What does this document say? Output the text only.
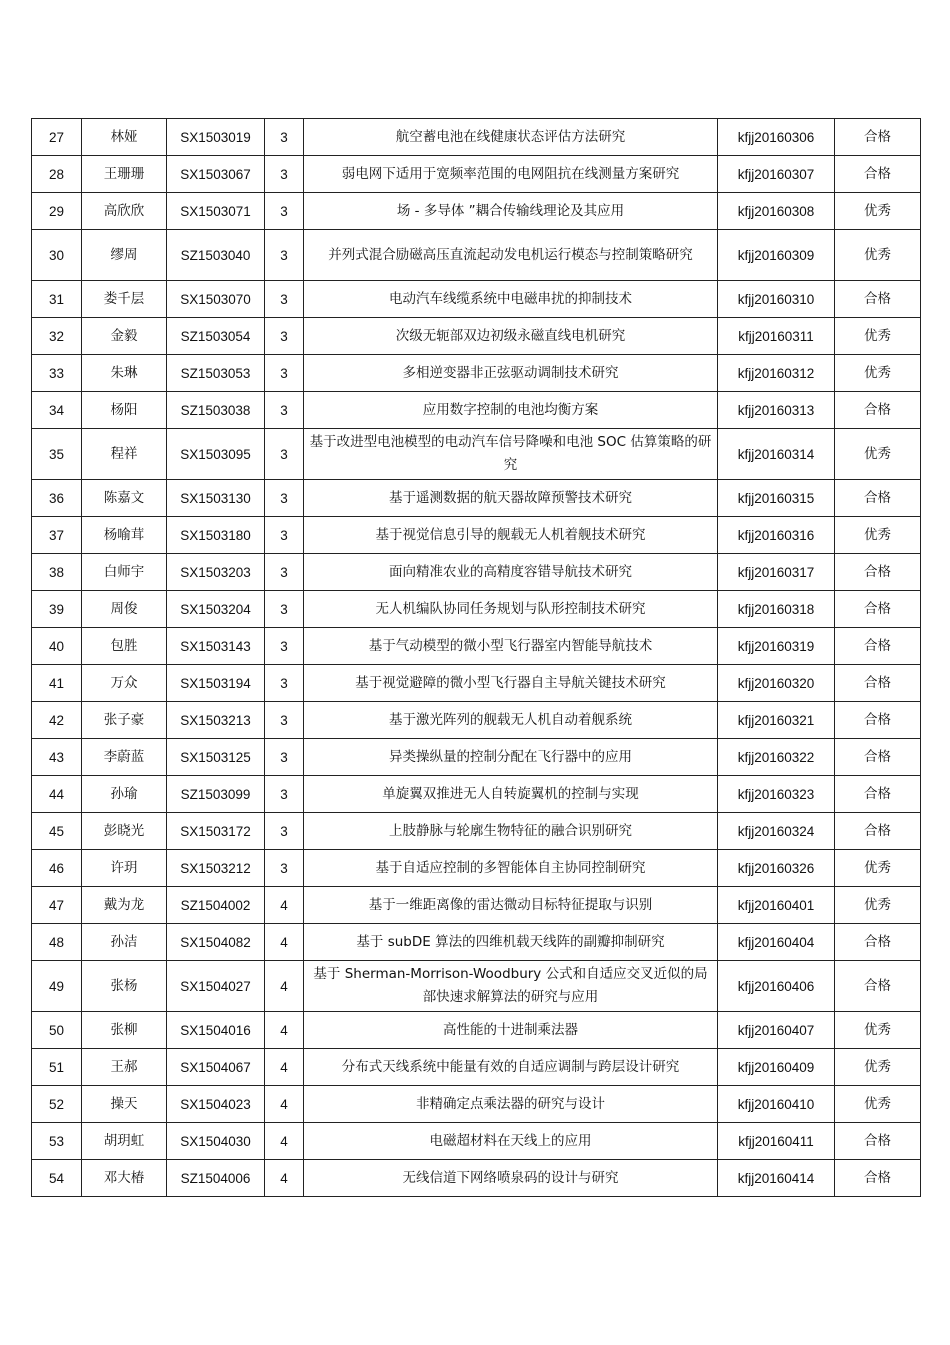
27	林娅	SX1503019	3	航空蓄电池在线健康状态评估方法研究	kfjj20160306	合格
28	王珊珊	SX1503067	3	弱电网下适用于宽频率范围的电网阻抗在线测量方案研究	kfjj20160307	合格
29	高欣欣	SX1503071	3	场 - 多导体 ”耦合传输线理论及其应用	kfjj20160308	优秀
30	缪周	SZ1503040	3	并列式混合励磁高压直流起动发电机运行模态与控制策略研究	kfjj20160309	优秀
31	娄千层	SX1503070	3	电动汽车线缆系统中电磁串扰的抑制技术	kfjj20160310	合格
32	金毅	SZ1503054	3	次级无轭部双边初级永磁直线电机研究	kfjj20160311	优秀
33	朱琳	SZ1503053	3	多相逆变器非正弦驱动调制技术研究	kfjj20160312	优秀
34	杨阳	SZ1503038	3	应用数字控制的电池均衡方案	kfjj20160313	合格
35	程祥	SX1503095	3	基于改进型电池模型的电动汽车信号降噪和电池 SOC 估算策略的研究	kfjj20160314	优秀
36	陈嘉文	SX1503130	3	基于遥测数据的航天器故障预警技术研究	kfjj20160315	合格
37	杨喻茸	SX1503180	3	基于视觉信息引导的舰载无人机着舰技术研究	kfjj20160316	优秀
38	白师宇	SX1503203	3	面向精准农业的高精度容错导航技术研究	kfjj20160317	合格
39	周俊	SX1503204	3	无人机编队协同任务规划与队形控制技术研究	kfjj20160318	合格
40	包胜	SX1503143	3	基于气动模型的微小型飞行器室内智能导航技术	kfjj20160319	合格
41	万众	SX1503194	3	基于视觉避障的微小型飞行器自主导航关键技术研究	kfjj20160320	合格
42	张子豪	SX1503213	3	基于激光阵列的舰载无人机自动着舰系统	kfjj20160321	合格
43	李蔚蓝	SX1503125	3	异类操纵量的控制分配在飞行器中的应用	kfjj20160322	合格
44	孙瑜	SZ1503099	3	单旋翼双推进无人自转旋翼机的控制与实现	kfjj20160323	合格
45	彭晓光	SX1503172	3	上肢静脉与轮廓生物特征的融合识别研究	kfjj20160324	合格
46	许玥	SX1503212	3	基于自适应控制的多智能体自主协同控制研究	kfjj20160326	优秀
47	戴为龙	SZ1504002	4	基于一维距离像的雷达微动目标特征提取与识别	kfjj20160401	优秀
48	孙洁	SX1504082	4	基于 subDE 算法的四维机载天线阵的副瓣抑制研究	kfjj20160404	合格
49	张杨	SX1504027	4	基于 Sherman-Morrison-Woodbury 公式和自适应交叉近似的局部快速求解算法的研究与应用	kfjj20160406	合格
50	张柳	SX1504016	4	高性能的十进制乘法器	kfjj20160407	优秀
51	王郝	SX1504067	4	分布式天线系统中能量有效的自适应调制与跨层设计研究	kfjj20160409	优秀
52	操天	SX1504023	4	非精确定点乘法器的研究与设计	kfjj20160410	优秀
53	胡玥虹	SX1504030	4	电磁超材料在天线上的应用	kfjj20160411	合格
54	邓大椿	SZ1504006	4	无线信道下网络喷泉码的设计与研究	kfjj20160414	合格
